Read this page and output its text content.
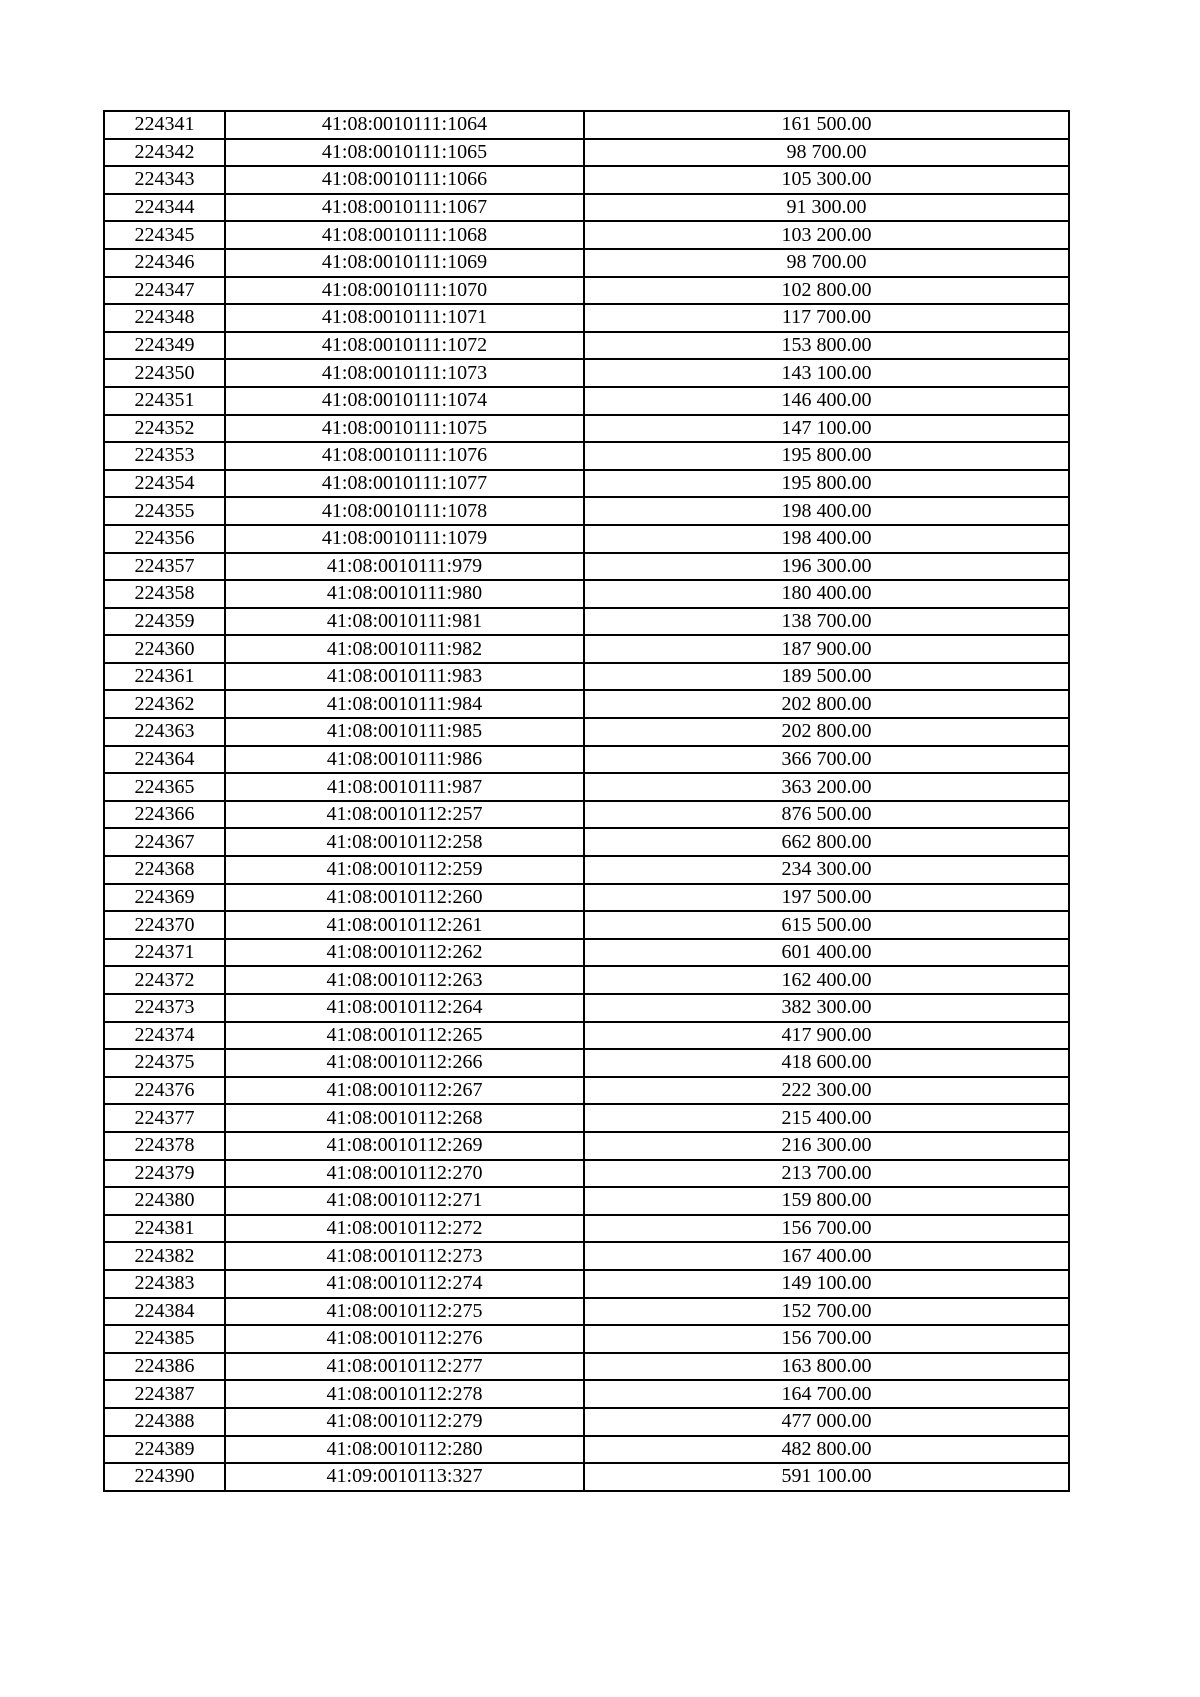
224341	41:08:0010111:1064	161 500.00
224342	41:08:0010111:1065	98 700.00
224343	41:08:0010111:1066	105 300.00
224344	41:08:0010111:1067	91 300.00
224345	41:08:0010111:1068	103 200.00
224346	41:08:0010111:1069	98 700.00
224347	41:08:0010111:1070	102 800.00
224348	41:08:0010111:1071	117 700.00
224349	41:08:0010111:1072	153 800.00
224350	41:08:0010111:1073	143 100.00
224351	41:08:0010111:1074	146 400.00
224352	41:08:0010111:1075	147 100.00
224353	41:08:0010111:1076	195 800.00
224354	41:08:0010111:1077	195 800.00
224355	41:08:0010111:1078	198 400.00
224356	41:08:0010111:1079	198 400.00
224357	41:08:0010111:979	196 300.00
224358	41:08:0010111:980	180 400.00
224359	41:08:0010111:981	138 700.00
224360	41:08:0010111:982	187 900.00
224361	41:08:0010111:983	189 500.00
224362	41:08:0010111:984	202 800.00
224363	41:08:0010111:985	202 800.00
224364	41:08:0010111:986	366 700.00
224365	41:08:0010111:987	363 200.00
224366	41:08:0010112:257	876 500.00
224367	41:08:0010112:258	662 800.00
224368	41:08:0010112:259	234 300.00
224369	41:08:0010112:260	197 500.00
224370	41:08:0010112:261	615 500.00
224371	41:08:0010112:262	601 400.00
224372	41:08:0010112:263	162 400.00
224373	41:08:0010112:264	382 300.00
224374	41:08:0010112:265	417 900.00
224375	41:08:0010112:266	418 600.00
224376	41:08:0010112:267	222 300.00
224377	41:08:0010112:268	215 400.00
224378	41:08:0010112:269	216 300.00
224379	41:08:0010112:270	213 700.00
224380	41:08:0010112:271	159 800.00
224381	41:08:0010112:272	156 700.00
224382	41:08:0010112:273	167 400.00
224383	41:08:0010112:274	149 100.00
224384	41:08:0010112:275	152 700.00
224385	41:08:0010112:276	156 700.00
224386	41:08:0010112:277	163 800.00
224387	41:08:0010112:278	164 700.00
224388	41:08:0010112:279	477 000.00
224389	41:08:0010112:280	482 800.00
224390	41:09:0010113:327	591 100.00
